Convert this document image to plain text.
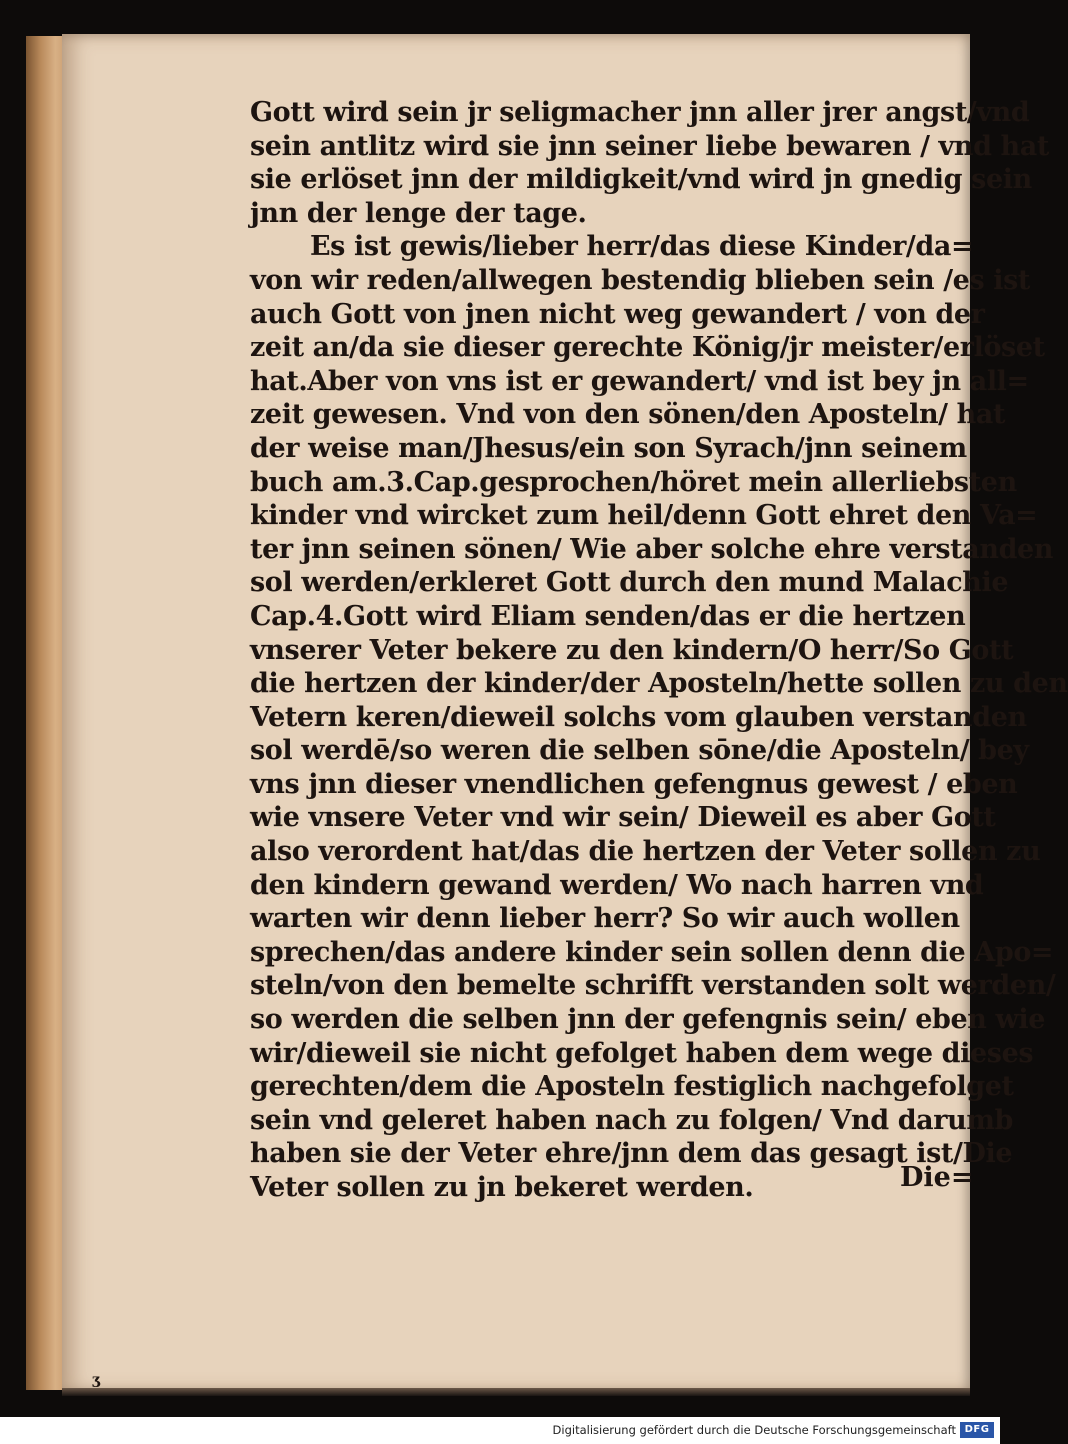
Gott wird sein jr seligmacher jnn aller jrer angst/vnd
sein antlitz wird sie jnn seiner liebe bewaren / vnd hat
sie erlöset jnn der mildigkeit/vnd wird jn gnedig sein
jnn der lenge der tage.
Es ist gewis/lieber herr/das diese Kinder/da=
von wir reden/allwegen bestendig blieben sein /es ist
auch Gott von jnen nicht weg gewandert / von der
zeit an/da sie dieser gerechte König/jr meister/erlöset
hat.Aber von vns ist er gewandert/ vnd ist bey jn all=
zeit gewesen. Vnd von den sönen/den Aposteln/ hat
der weise man/Jhesus/ein son Syrach/jnn seinem
buch am.3.Cap.gesprochen/höret mein allerliebsten
kinder vnd wircket zum heil/denn Gott ehret den Va=
ter jnn seinen sönen/ Wie aber solche ehre verstanden
sol werden/erkleret Gott durch den mund Malachie
Cap.4.Gott wird Eliam senden/das er die hertzen
vnserer Veter bekere zu den kindern/O herr/So Gott
die hertzen der kinder/der Aposteln/hette sollen zu den
Vetern keren/dieweil solchs vom glauben verstanden
sol werdē/so weren die selben sōne/die Aposteln/ bey
vns jnn dieser vnendlichen gefengnus gewest / eben
wie vnsere Veter vnd wir sein/ Dieweil es aber Gott
also verordent hat/das die hertzen der Veter sollen zu
den kindern gewand werden/ Wo nach harren vnd
warten wir denn lieber herr? So wir auch wollen
sprechen/das andere kinder sein sollen denn die Apo=
steln/von den bemelte schrifft verstanden solt werden/
so werden die selben jnn der gefengnis sein/ eben wie
wir/dieweil sie nicht gefolget haben dem wege dieses
gerechten/dem die Aposteln festiglich nachgefolget
sein vnd geleret haben nach zu folgen/ Vnd darumb
haben sie der Veter ehre/jnn dem das gesagt ist/Die
Veter sollen zu jn bekeret werden.	Die=
ʒ
Digitalisierung gefördert durch die Deutsche Forschungsgemeinschaft DFG
